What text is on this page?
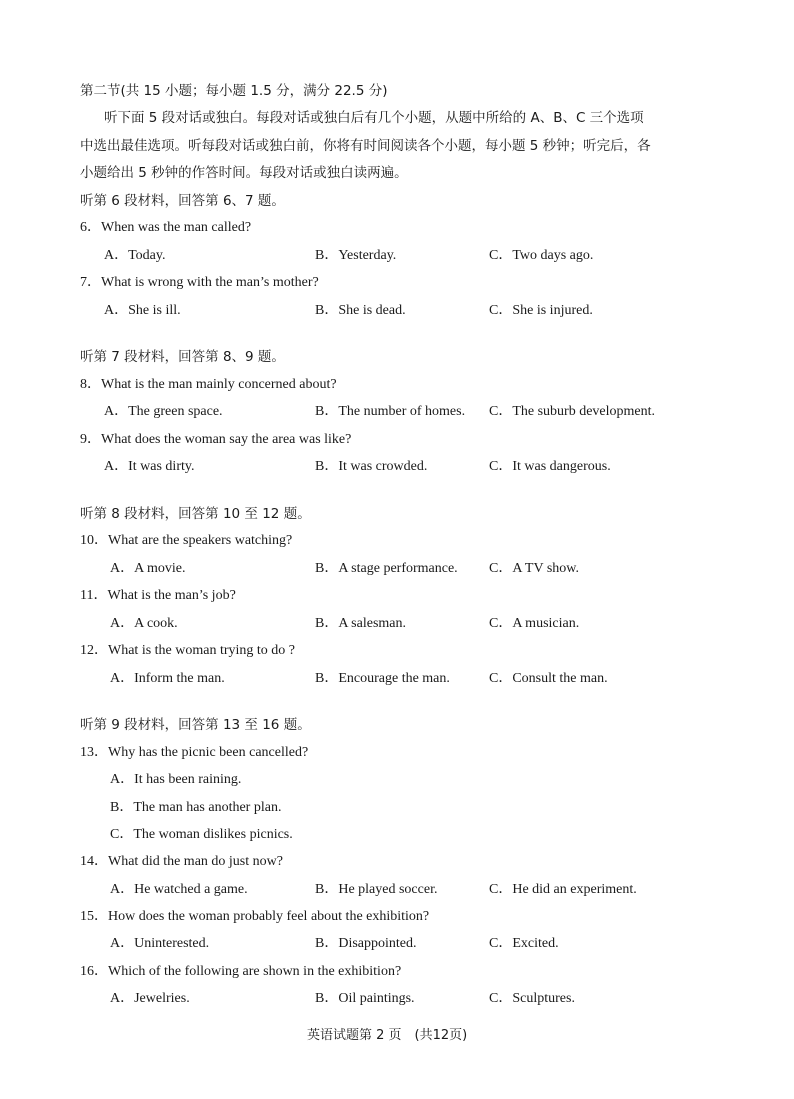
第二节(共 15 小题；每小题 1.5 分，满分 22.5 分)
听下面 5 段对话或独白。每段对话或独白后有几个小题，从题中所给的 A、B、C 三个选项
中选出最佳选项。听每段对话或独白前，你将有时间阅读各个小题，每小题 5 秒钟；听完后，各
小题给出 5 秒钟的作答时间。每段对话或独白读两遍。
听第 6 段材料，回答第 6、7 题。
6．When was the man called?
A．Today.	B．Yesterday.	C．Two days ago.
7．What is wrong with the man’s mother?
A．She is ill.	B．She is dead.	C．She is injured.
听第 7 段材料，回答第 8、9 题。
8．What is the man mainly concerned about?
A．The green space.	B．The number of homes. C．The suburb development.
9．What does the woman say the area was like?
A．It was dirty.	B．It was crowded.	C．It was dangerous.
听第 8 段材料，回答第 10 至 12 题。
10．What are the speakers watching?
A．A movie.	B．A stage performance. C．A TV show.
11．What is the man’s job?
A．A cook.	B．A salesman.	C．A musician.
12．What is the woman trying to do ?
A．Inform the man.	B．Encourage the man.	C．Consult the man.
听第 9 段材料，回答第 13 至 16 题。
13．Why has the picnic been cancelled?
A．It has been raining.
B．The man has another plan.
C．The woman dislikes picnics.
14．What did the man do just now?
A．He watched a game.	B．He played soccer.	C．He did an experiment.
15．How does the woman probably feel about the exhibition?
A．Uninterested.	B．Disappointed.	C．Excited.
16．Which of the following are shown in the exhibition?
A．Jewelries.	B．Oil paintings.	C．Sculptures.
英语试题第 2 页　(共12页)
